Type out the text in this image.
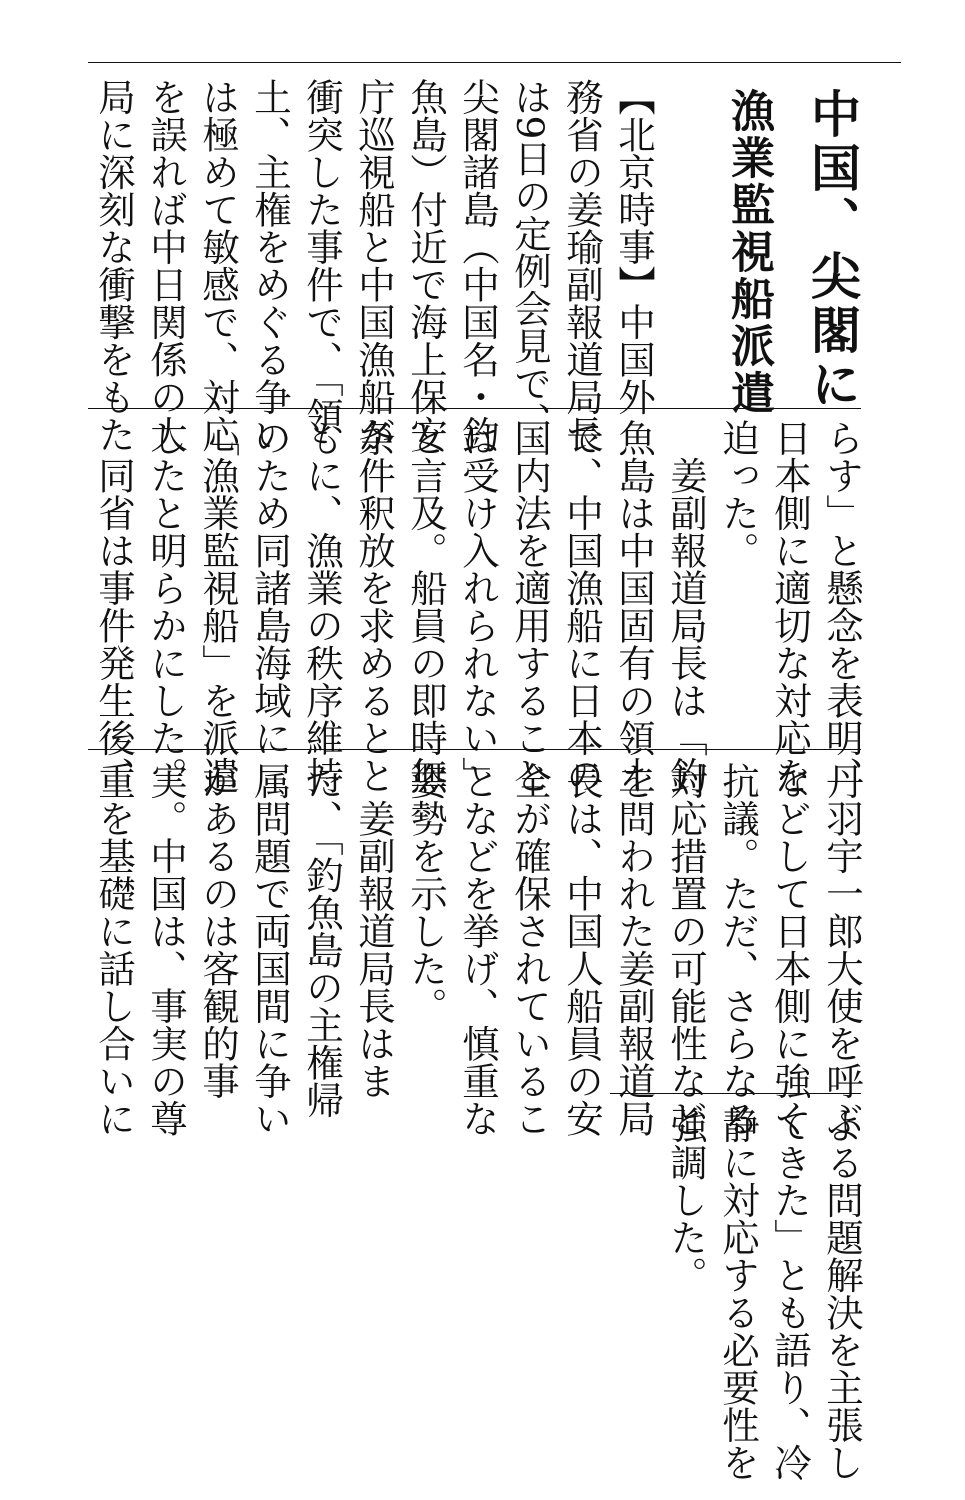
中国、尖閣に
漁業監視船派遣
【北京時事】中国外
務省の姜瑜副報道局長
は9日の定例会見で、
尖閣諸島（中国名・釣
魚島）付近で海上保安
庁巡視船と中国漁船が
衝突した事件で、「領
土、主権をめぐる争い
は極めて敏感で、対応
を誤れば中日関係の大
局に深刻な衝撃をもた
らす」と懸念を表明、
日本側に適切な対応を
迫った。
　姜副報道局長は「釣
魚島は中国固有の領土
で、中国漁船に日本の
国内法を適用すること
は受け入れられない」
と言及。船員の即時無
条件釈放を求めるとと
もに、漁業の秩序維持
のため同諸島海域に
「漁業監視船」を派遣
したと明らかにした。
　同省は事件発生後、
丹羽宇一郎大使を呼ぶ
などして日本側に強く
抗議。ただ、さらなる
対応措置の可能性など
を問われた姜副報道局
長は、中国人船員の安
全が確保されているこ
となどを挙げ、慎重な
姿勢を示した。
　姜副報道局長はま
た、「釣魚島の主権帰
属問題で両国間に争い
があるのは客観的事
実。中国は、事実の尊
重を基礎に話し合いに
よる問題解決を主張し
てきた」とも語り、冷
静に対応する必要性を
強調した。
